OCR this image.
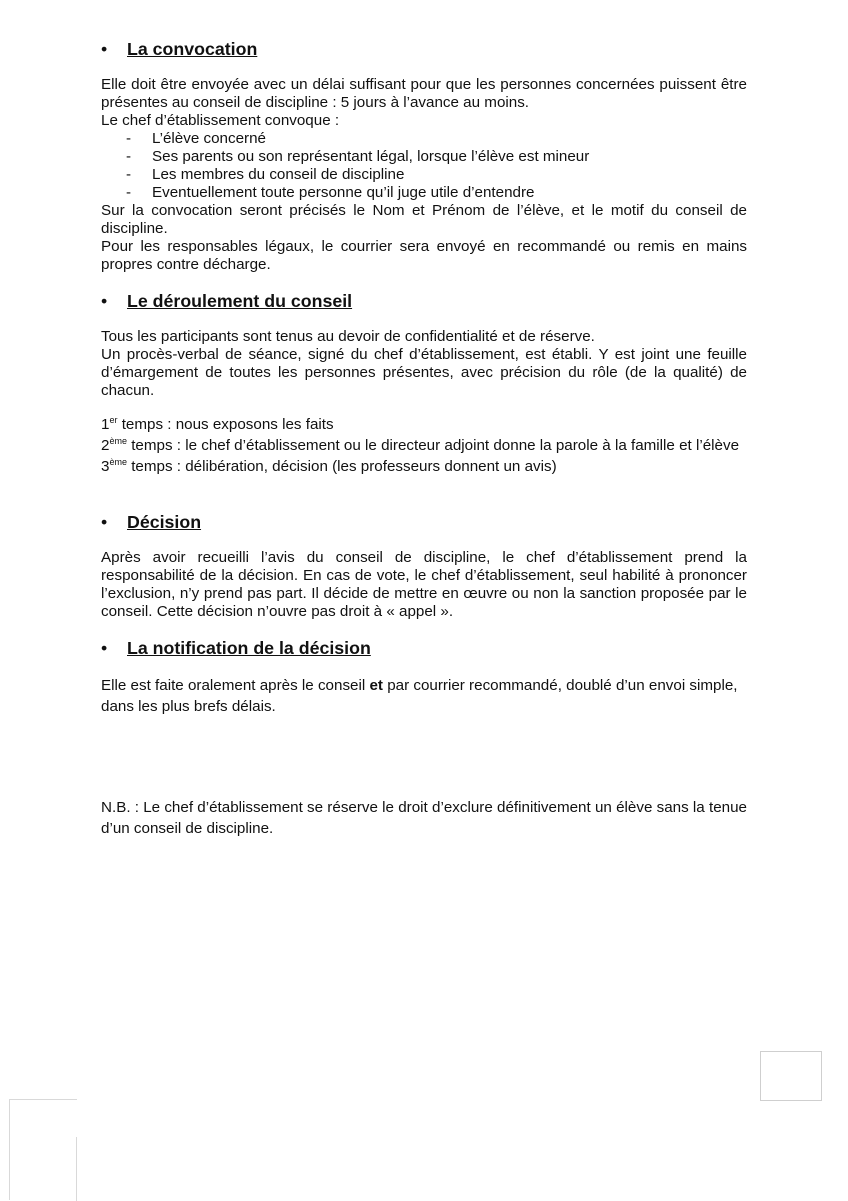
• La convocation

Elle doit être envoyée avec un délai suffisant pour que les personnes concernées puissent être présentes au conseil de discipline : 5 jours à l’avance au moins.

Le chef d’établissement convoque :

- L’élève concerné
- Ses parents ou son représentant légal, lorsque l’élève est mineur
- Les membres du conseil de discipline
- Eventuellement toute personne qu’il juge utile d’entendre

Sur la convocation seront précisés le Nom et Prénom de l’élève, et le motif du conseil de discipline.

Pour les responsables légaux, le courrier sera envoyé en recommandé ou remis en mains propres contre décharge.

• Le déroulement du conseil

Tous les participants sont tenus au devoir de confidentialité et de réserve.

Un procès-verbal de séance, signé du chef d’établissement, est établi. Y est joint une feuille d’émargement de toutes les personnes présentes, avec précision du rôle (de la qualité) de chacun.

1er temps : nous exposons les faits

2ème temps : le chef d’établissement ou le directeur adjoint donne la parole à la famille et l’élève

3ème temps : délibération, décision (les professeurs donnent un avis)

• Décision

Après avoir recueilli l’avis du conseil de discipline, le chef d’établissement prend la responsabilité de la décision. En cas de vote, le chef d’établissement, seul habilité à prononcer l’exclusion, n’y prend pas part. Il décide de mettre en œuvre ou non la sanction proposée par le conseil. Cette décision n’ouvre pas droit à « appel ».

• La notification de la décision

Elle est faite oralement après le conseil et par courrier recommandé, doublé d’un envoi simple, dans les plus brefs délais.

N.B. : Le chef d’établissement se réserve le droit d’exclure définitivement un élève sans la tenue d’un conseil de discipline.
